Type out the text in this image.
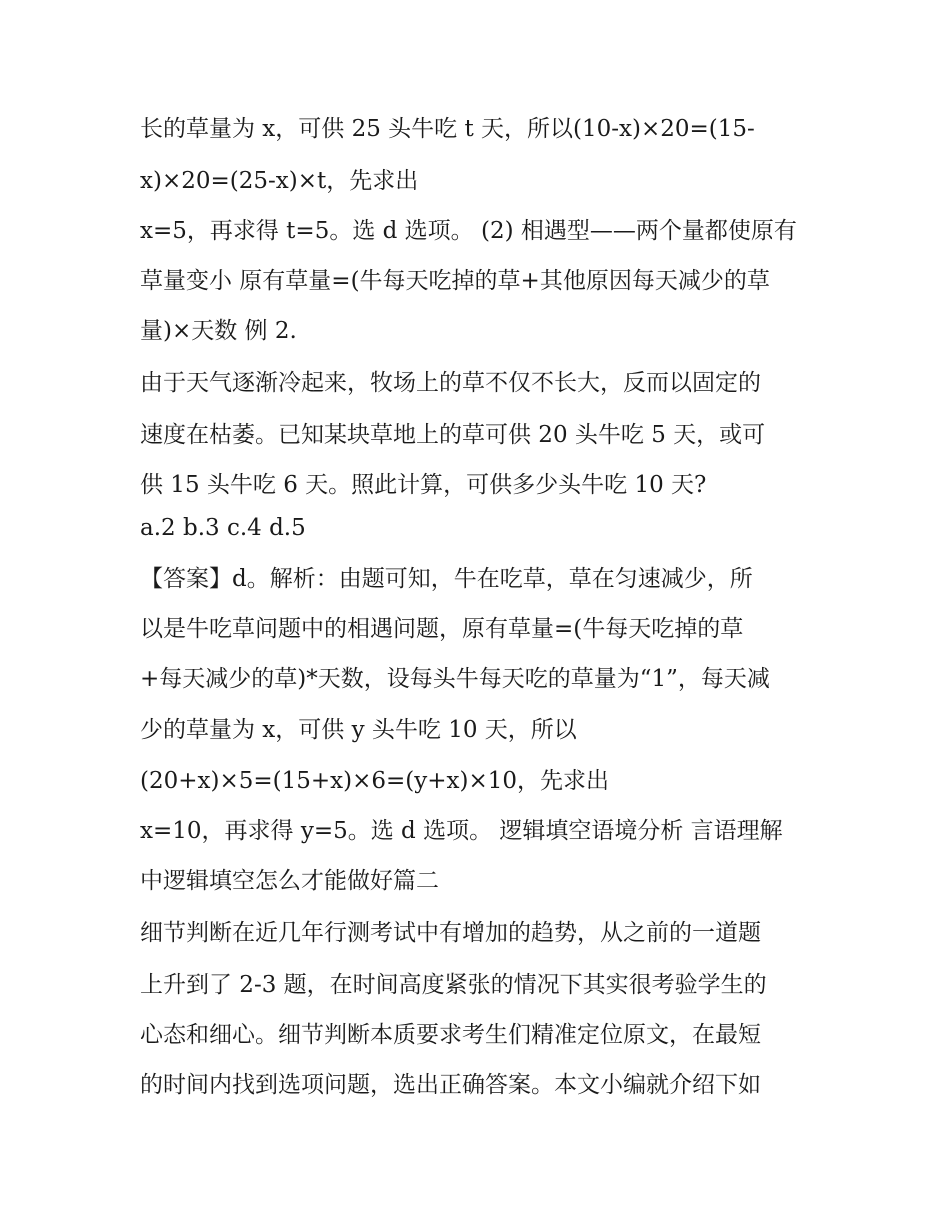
长的草量为 x，可供 25 头牛吃 t 天，所以(10-x)×20=(15-
x)×20=(25-x)×t，先求出
x=5，再求得 t=5。选 d 选项。 (2) 相遇型——两个量都使原有
草量变小 原有草量=(牛每天吃掉的草+其他原因每天减少的草
量)×天数 例 2.
由于天气逐渐冷起来，牧场上的草不仅不长大，反而以固定的
速度在枯萎。已知某块草地上的草可供 20 头牛吃 5 天，或可
供 15 头牛吃 6 天。照此计算，可供多少头牛吃 10 天?
a.2 b.3 c.4 d.5
【答案】d。解析：由题可知，牛在吃草，草在匀速减少，所
以是牛吃草问题中的相遇问题，原有草量=(牛每天吃掉的草
+每天减少的草)*天数，设每头牛每天吃的草量为“1”，每天减
少的草量为 x，可供 y 头牛吃 10 天，所以
(20+x)×5=(15+x)×6=(y+x)×10，先求出
x=10，再求得 y=5。选 d 选项。 逻辑填空语境分析 言语理解
中逻辑填空怎么才能做好篇二
细节判断在近几年行测考试中有增加的趋势，从之前的一道题
上升到了 2-3 题，在时间高度紧张的情况下其实很考验学生的
心态和细心。细节判断本质要求考生们精准定位原文，在最短
的时间内找到选项问题，选出正确答案。本文小编就介绍下如
